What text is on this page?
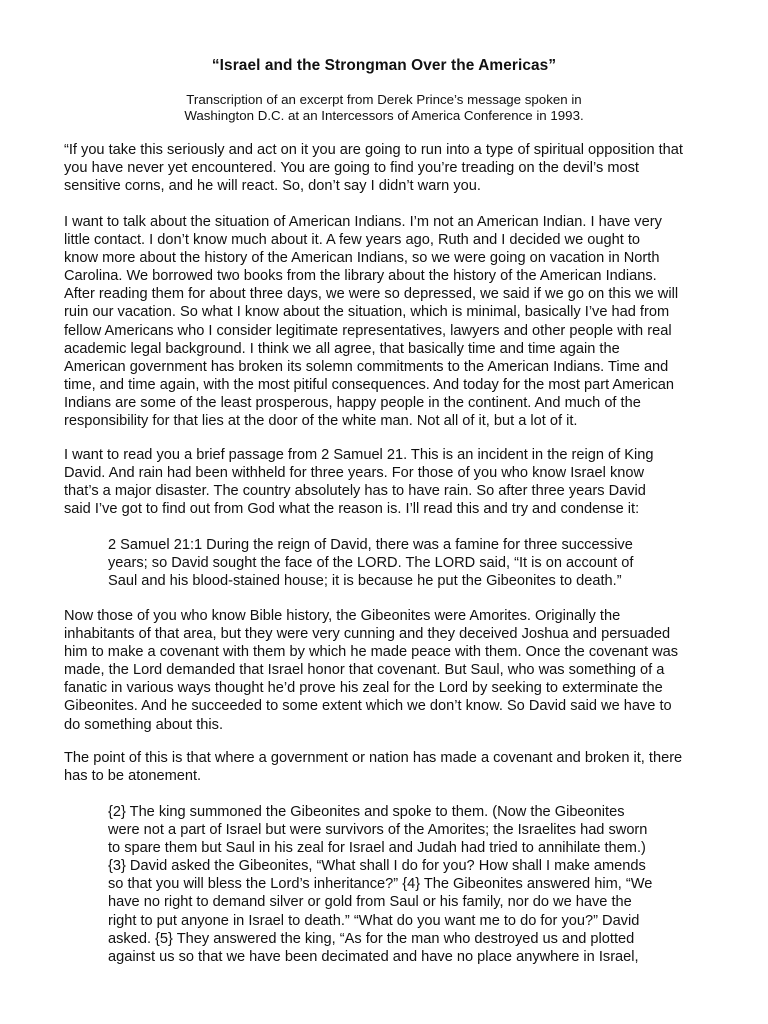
“Israel and the Strongman Over the Americas”
Transcription of an excerpt from Derek Prince’s message spoken in
Washington D.C. at an Intercessors of America Conference in 1993.

“If you take this seriously and act on it you are going to run into a type of spiritual opposition that
you have never yet encountered. You are going to find you’re treading on the devil’s most
sensitive corns, and he will react. So, don’t say I didn’t warn you.

I want to talk about the situation of American Indians. I’m not an American Indian. I have very
little contact. I don’t know much about it. A few years ago, Ruth and I decided we ought to
know more about the history of the American Indians, so we were going on vacation in North
Carolina. We borrowed two books from the library about the history of the American Indians.
After reading them for about three days, we were so depressed, we said if we go on this we will
ruin our vacation. So what I know about the situation, which is minimal, basically I’ve had from
fellow Americans who I consider legitimate representatives, lawyers and other people with real
academic legal background. I think we all agree, that basically time and time again the
American government has broken its solemn commitments to the American Indians. Time and
time, and time again, with the most pitiful consequences. And today for the most part American
Indians are some of the least prosperous, happy people in the continent. And much of the
responsibility for that lies at the door of the white man. Not all of it, but a lot of it.

I want to read you a brief passage from 2 Samuel 21. This is an incident in the reign of King
David. And rain had been withheld for three years. For those of you who know Israel know
that’s a major disaster. The country absolutely has to have rain. So after three years David
said I’ve got to find out from God what the reason is. I’ll read this and try and condense it:

2 Samuel 21:1 During the reign of David, there was a famine for three successive
years; so David sought the face of the LORD. The LORD said, “It is on account of
Saul and his blood-stained house; it is because he put the Gibeonites to death.”

Now those of you who know Bible history, the Gibeonites were Amorites. Originally the
inhabitants of that area, but they were very cunning and they deceived Joshua and persuaded
him to make a covenant with them by which he made peace with them. Once the covenant was
made, the Lord demanded that Israel honor that covenant. But Saul, who was something of a
fanatic in various ways thought he’d prove his zeal for the Lord by seeking to exterminate the
Gibeonites. And he succeeded to some extent which we don’t know. So David said we have to
do something about this.

The point of this is that where a government or nation has made a covenant and broken it, there
has to be atonement.

{2} The king summoned the Gibeonites and spoke to them. (Now the Gibeonites
were not a part of Israel but were survivors of the Amorites; the Israelites had sworn
to spare them but Saul in his zeal for Israel and Judah had tried to annihilate them.)
{3} David asked the Gibeonites, “What shall I do for you? How shall I make amends
so that you will bless the Lord’s inheritance?” {4} The Gibeonites answered him, “We
have no right to demand silver or gold from Saul or his family, nor do we have the
right to put anyone in Israel to death.” “What do you want me to do for you?” David
asked. {5} They answered the king, “As for the man who destroyed us and plotted
against us so that we have been decimated and have no place anywhere in Israel,
